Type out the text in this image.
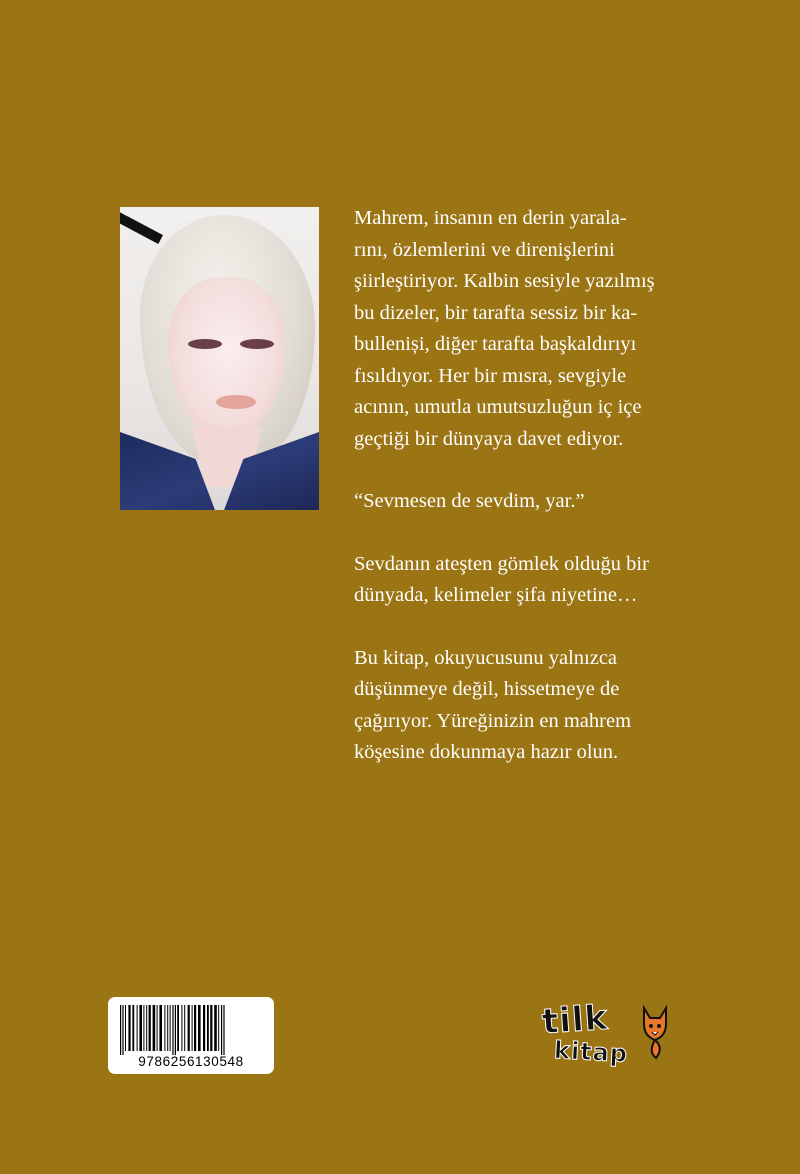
Mahrem, insanın en derin yarala-
rını, özlemlerini ve direnişlerini
şiirleştiriyor. Kalbin sesiyle yazılmış
bu dizeler, bir tarafta sessiz bir ka-
bulleniși, diğer tarafta başkaldırıyı
fısıldıyor. Her bir mısra, sevgiyle
acının, umutla umutsuzluğun iç içe
geçtiği bir dünyaya davet ediyor.
“Sevmesen de sevdim, yar.”
Sevdanın ateşten gömlek olduğu bir
dünyada, kelimeler şifa niyetine…
Bu kitap, okuyucusunu yalnızca
düşünmeye değil, hissetmeye de
çağırıyor. Yüreğinizin en mahrem
köşesine dokunmaya hazır olun.
9786256130548
tilk
kitap
